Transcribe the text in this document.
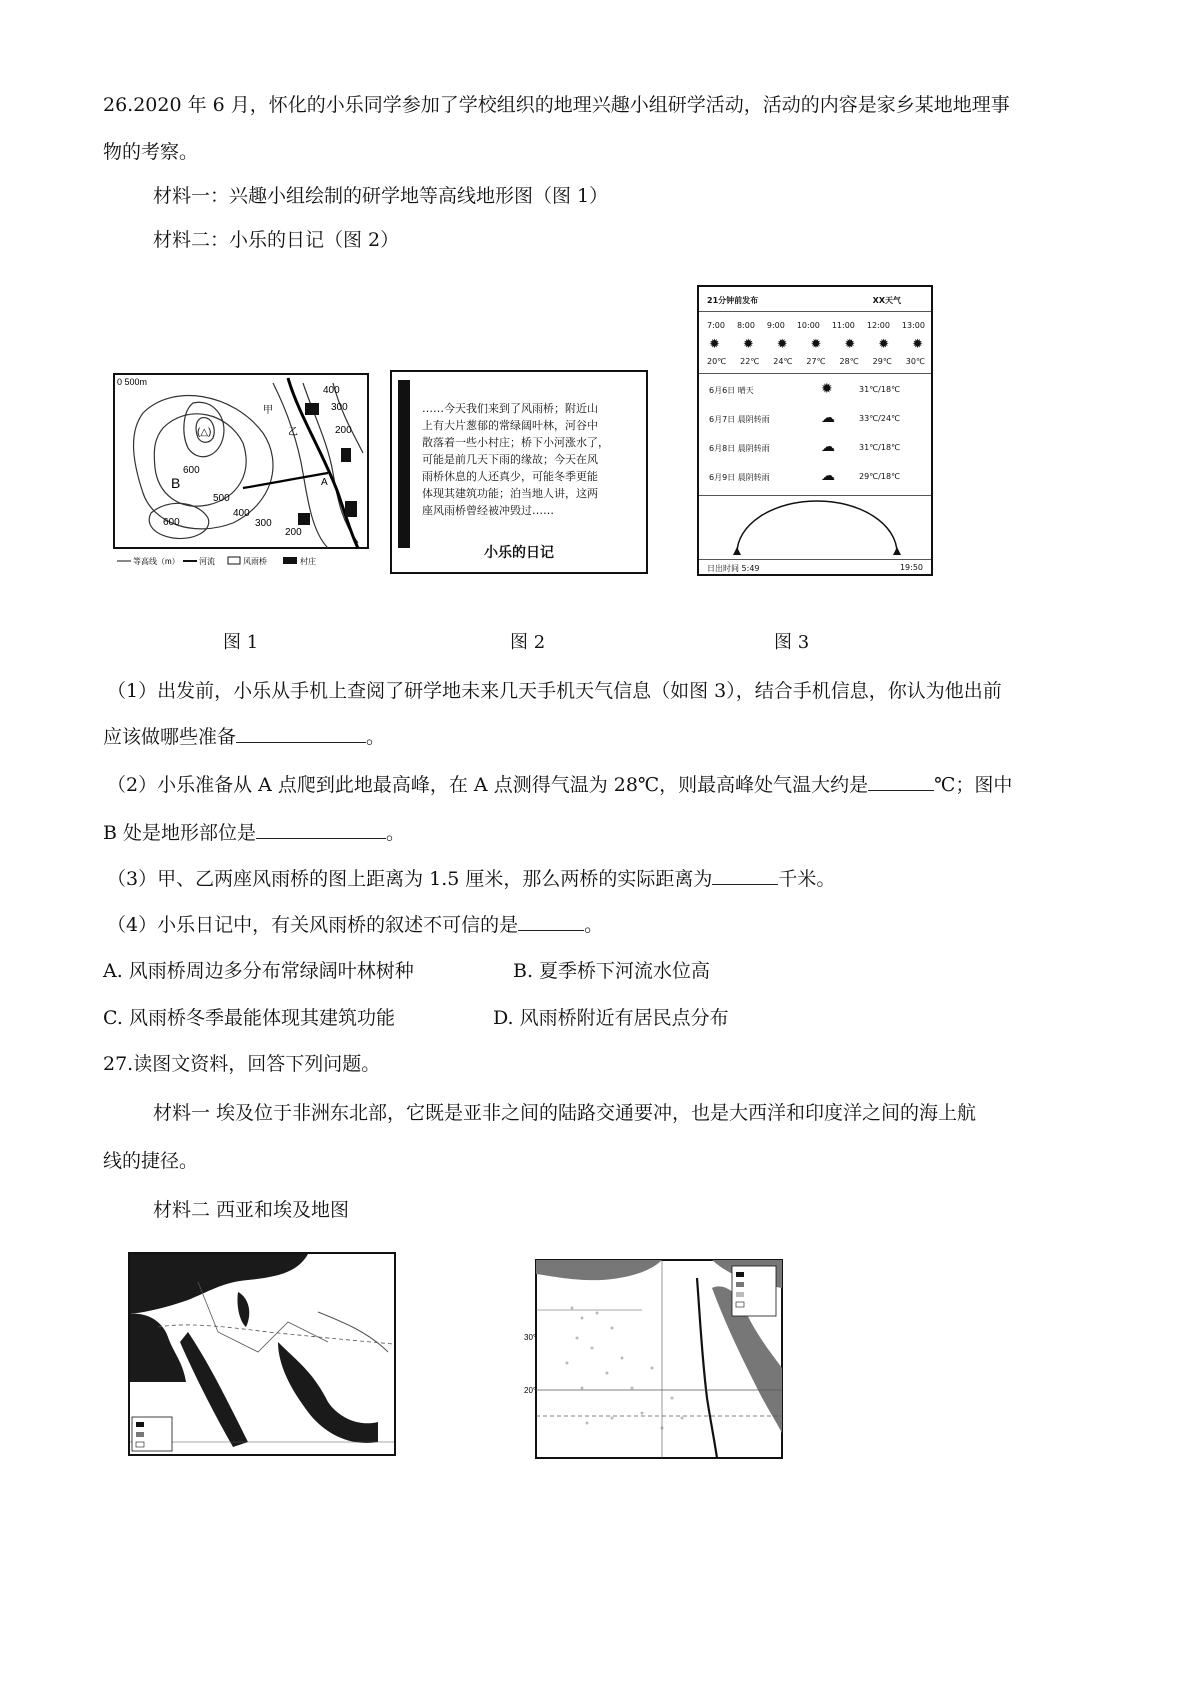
26.2020 年 6 月，怀化的小乐同学参加了学校组织的地理兴趣小组研学活动，活动的内容是家乡某地地理事
物的考察。
材料一：兴趣小组绘制的研学地等高线地形图（图 1）
材料二：小乐的日记（图 2）
0 500m
400
300
200
600
500
400
300
200
600
B	A
甲
乙
(△)
等高线（m） 河流	风雨桥	村庄
……今天我们来到了风雨桥；附近山
上有大片葱郁的常绿阔叶林，河谷中
散落着一些小村庄；桥下小河涨水了，
可能是前几天下雨的缘故；今天在风
雨桥休息的人还真少，可能冬季更能
体现其建筑功能；泊当地人讲，这两
座风雨桥曾经被冲毁过……
小乐的日记
21分钟前发布	XX天气
7:00 8:00 9:00 10:00 11:00 12:00 13:00
✹ ✹ ✹ ✹ ✹ ✹ ✹
20℃ 22℃ 24℃ 27℃ 28℃ 29℃ 30℃
6月6日 晴天	✹	31℃/18℃
6月7日 晨阴转雨	☁	33℃/24℃
6月8日 晨阴转雨	☁	31℃/18℃
6月9日 晨阴转雨	☁	29℃/18℃
日出时间 5:49	19:50
图 1	图 2	图 3
（1）出发前，小乐从手机上查阅了研学地未来几天手机天气信息（如图 3），结合手机信息，你认为他出前
应该做哪些准备	。
（2）小乐准备从 A 点爬到此地最高峰，在 A 点测得气温为 28℃，则最高峰处气温大约是	℃；图中
B 处是地形部位是	。
（3）甲、乙两座风雨桥的图上距离为 1.5 厘米，那么两桥的实际距离为	千米。
（4）小乐日记中，有关风雨桥的叙述不可信的是	。
A. 风雨桥周边多分布常绿阔叶林树种	B. 夏季桥下河流水位高
C. 风雨桥冬季最能体现其建筑功能	D. 风雨桥附近有居民点分布
27.读图文资料，回答下列问题。
材料一 埃及位于非洲东北部，它既是亚非之间的陆路交通要冲，也是大西洋和印度洋之间的海上航
线的捷径。
材料二 西亚和埃及地图
30°
20°
